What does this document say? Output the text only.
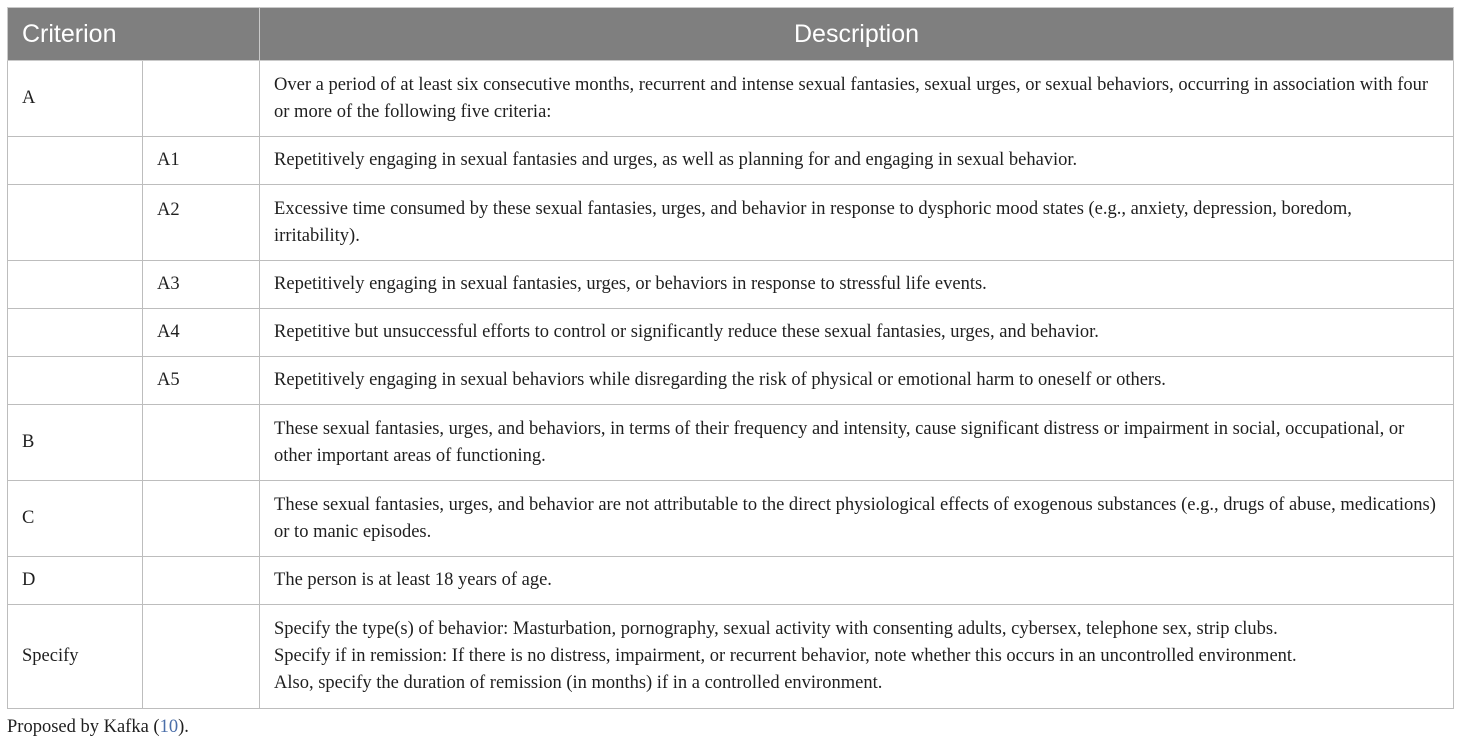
Criterion		Description
A		Over a period of at least six consecutive months, recurrent and intense sexual fantasies, sexual urges, or sexual behaviors, occurring in association with four or more of the following five criteria:
	A1	Repetitively engaging in sexual fantasies and urges, as well as planning for and engaging in sexual behavior.
	A2	Excessive time consumed by these sexual fantasies, urges, and behavior in response to dysphoric mood states (e.g., anxiety, depression, boredom, irritability).
	A3	Repetitively engaging in sexual fantasies, urges, or behaviors in response to stressful life events.
	A4	Repetitive but unsuccessful efforts to control or significantly reduce these sexual fantasies, urges, and behavior.
	A5	Repetitively engaging in sexual behaviors while disregarding the risk of physical or emotional harm to oneself or others.
B		These sexual fantasies, urges, and behaviors, in terms of their frequency and intensity, cause significant distress or impairment in social, occupational, or other important areas of functioning.
C		These sexual fantasies, urges, and behavior are not attributable to the direct physiological effects of exogenous substances (e.g., drugs of abuse, medications) or to manic episodes.
D		The person is at least 18 years of age.
Specify		Specify the type(s) of behavior: Masturbation, pornography, sexual activity with consenting adults, cybersex, telephone sex, strip clubs.
Specify if in remission: If there is no distress, impairment, or recurrent behavior, note whether this occurs in an uncontrolled environment.
Also, specify the duration of remission (in months) if in a controlled environment.
Proposed by Kafka (10).
